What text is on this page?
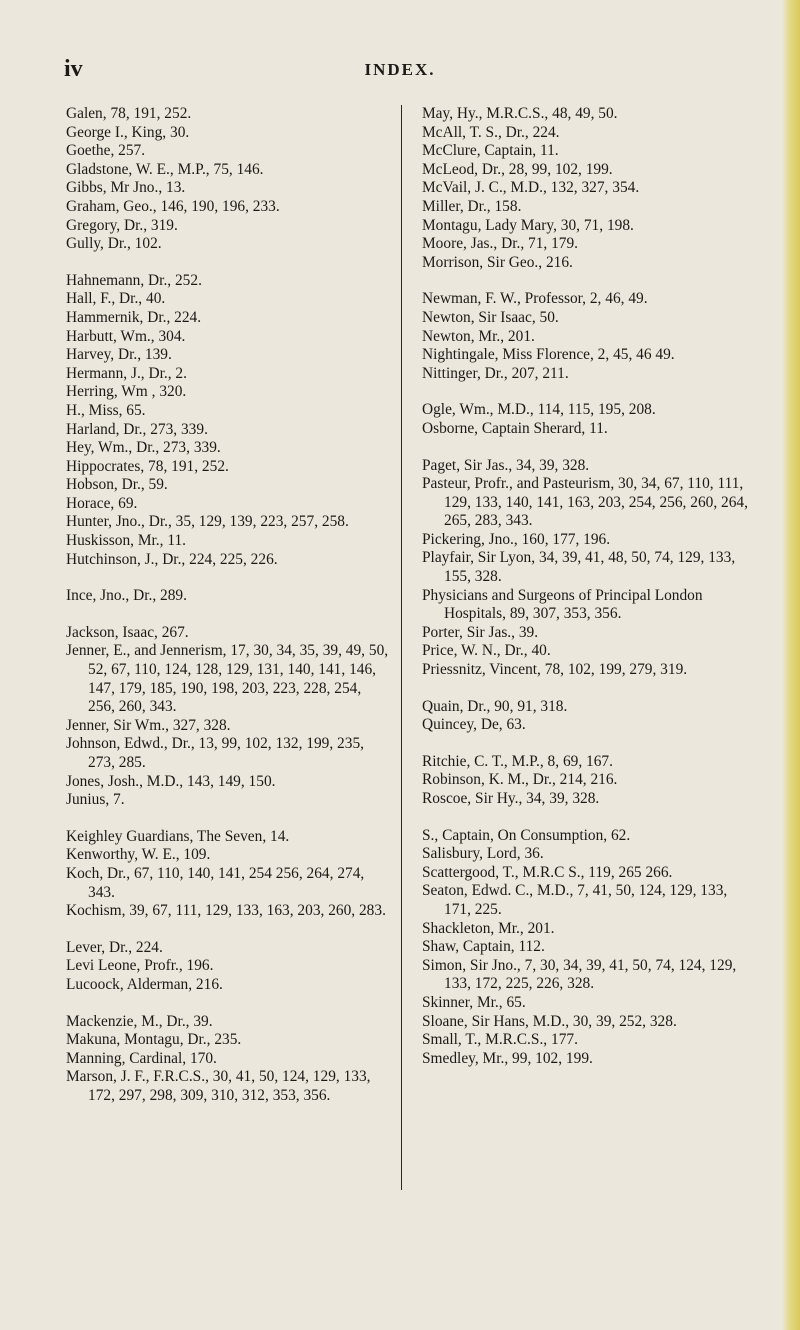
iv	INDEX.
Galen, 78, 191, 252.
George I., King, 30.
Goethe, 257.
Gladstone, W. E., M.P., 75, 146.
Gibbs, Mr Jno., 13.
Graham, Geo., 146, 190, 196, 233.
Gregory, Dr., 319.
Gully, Dr., 102.
Hahnemann, Dr., 252.
Hall, F., Dr., 40.
Hammernik, Dr., 224.
Harbutt, Wm., 304.
Harvey, Dr., 139.
Hermann, J., Dr., 2.
Herring, Wm , 320.
H., Miss, 65.
Harland, Dr., 273, 339.
Hey, Wm., Dr., 273, 339.
Hippocrates, 78, 191, 252.
Hobson, Dr., 59.
Horace, 69.
Hunter, Jno., Dr., 35, 129, 139, 223, 257, 258.
Huskisson, Mr., 11.
Hutchinson, J., Dr., 224, 225, 226.
Ince, Jno., Dr., 289.
Jackson, Isaac, 267.
Jenner, E., and Jennerism, 17, 30, 34, 35, 39, 49, 50, 52, 67, 110, 124, 128, 129, 131, 140, 141, 146, 147, 179, 185, 190, 198, 203, 223, 228, 254, 256, 260, 343.
Jenner, Sir Wm., 327, 328.
Johnson, Edwd., Dr., 13, 99, 102, 132, 199, 235, 273, 285.
Jones, Josh., M.D., 143, 149, 150.
Junius, 7.
Keighley Guardians, The Seven, 14.
Kenworthy, W. E., 109.
Koch, Dr., 67, 110, 140, 141, 254 256, 264, 274, 343.
Kochism, 39, 67, 111, 129, 133, 163, 203, 260, 283.
Lever, Dr., 224.
Levi Leone, Profr., 196.
Lucoock, Alderman, 216.
Mackenzie, M., Dr., 39.
Makuna, Montagu, Dr., 235.
Manning, Cardinal, 170.
Marson, J. F., F.R.C.S., 30, 41, 50, 124, 129, 133, 172, 297, 298, 309, 310, 312, 353, 356.
May, Hy., M.R.C.S., 48, 49, 50.
McAll, T. S., Dr., 224.
McClure, Captain, 11.
McLeod, Dr., 28, 99, 102, 199.
McVail, J. C., M.D., 132, 327, 354.
Miller, Dr., 158.
Montagu, Lady Mary, 30, 71, 198.
Moore, Jas., Dr., 71, 179.
Morrison, Sir Geo., 216.
Newman, F. W., Professor, 2, 46, 49.
Newton, Sir Isaac, 50.
Newton, Mr., 201.
Nightingale, Miss Florence, 2, 45, 46 49.
Nittinger, Dr., 207, 211.
Ogle, Wm., M.D., 114, 115, 195, 208.
Osborne, Captain Sherard, 11.
Paget, Sir Jas., 34, 39, 328.
Pasteur, Profr., and Pasteurism, 30, 34, 67, 110, 111, 129, 133, 140, 141, 163, 203, 254, 256, 260, 264, 265, 283, 343.
Pickering, Jno., 160, 177, 196.
Playfair, Sir Lyon, 34, 39, 41, 48, 50, 74, 129, 133, 155, 328.
Physicians and Surgeons of Principal London Hospitals, 89, 307, 353, 356.
Porter, Sir Jas., 39.
Price, W. N., Dr., 40.
Priessnitz, Vincent, 78, 102, 199, 279, 319.
Quain, Dr., 90, 91, 318.
Quincey, De, 63.
Ritchie, C. T., M.P., 8, 69, 167.
Robinson, K. M., Dr., 214, 216.
Roscoe, Sir Hy., 34, 39, 328.
S., Captain, On Consumption, 62.
Salisbury, Lord, 36.
Scattergood, T., M.R.C S., 119, 265 266.
Seaton, Edwd. C., M.D., 7, 41, 50, 124, 129, 133, 171, 225.
Shackleton, Mr., 201.
Shaw, Captain, 112.
Simon, Sir Jno., 7, 30, 34, 39, 41, 50, 74, 124, 129, 133, 172, 225, 226, 328.
Skinner, Mr., 65.
Sloane, Sir Hans, M.D., 30, 39, 252, 328.
Small, T., M.R.C.S., 177.
Smedley, Mr., 99, 102, 199.
